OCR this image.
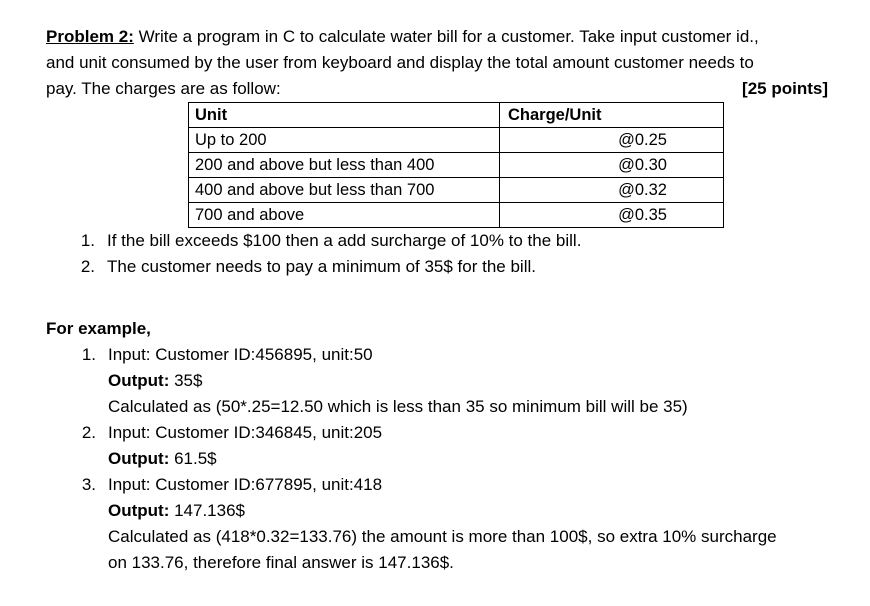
Problem 2: Write a program in C to calculate water bill for a customer. Take input customer id.,
and unit consumed by the user from keyboard and display the total amount customer needs to
pay. The charges are as follow:	[25 points]
Unit	Charge/Unit
Up to 200	@0.25
200 and above but less than 400	@0.30
400 and above but less than 700	@0.32
700 and above	@0.35
1. If the bill exceeds $100 then a add surcharge of 10% to the bill.
2. The customer needs to pay a minimum of 35$ for the bill.
For example,
1. Input: Customer ID:456895, unit:50
Output: 35$
Calculated as (50*.25=12.50 which is less than 35 so minimum bill will be 35)
2. Input: Customer ID:346845, unit:205
Output: 61.5$
3. Input: Customer ID:677895, unit:418
Output: 147.136$
Calculated as (418*0.32=133.76) the amount is more than 100$, so extra 10% surcharge
on 133.76, therefore final answer is 147.136$.
